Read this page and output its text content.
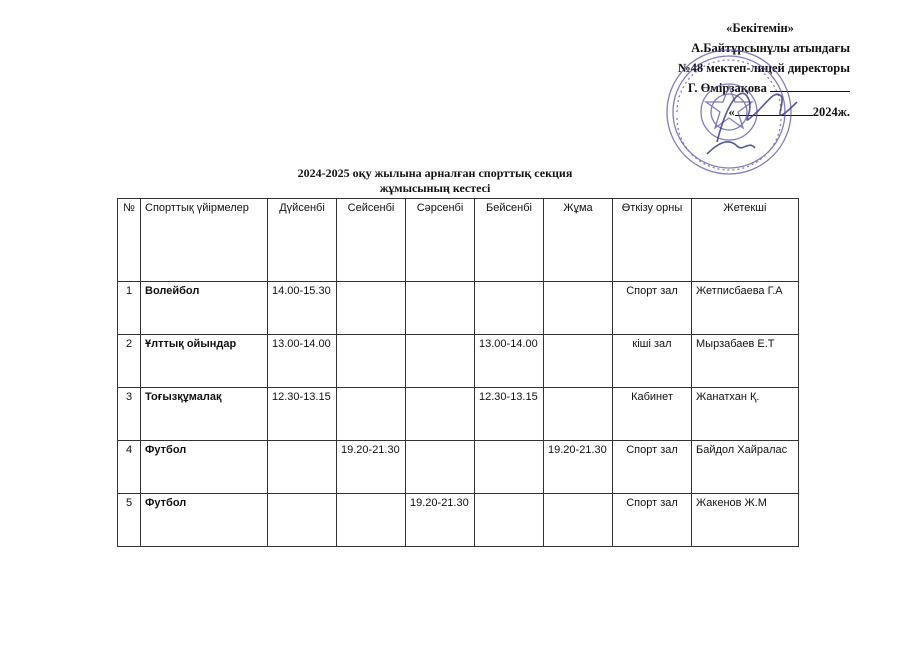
«Бекітемін»
А.Байтұрсынұлы атындағы
№48 мектеп-лицей директоры
Г. Өмірзақова
«	2024ж.
2024-2025 оқу жылына арналған спорттық секция
жұмысының кестесі
№	Спорттық үйірмелер	Дүйсенбі	Сейсенбі	Сәрсенбі	Бейсенбі	Жұма	Өткізу орны	Жетекші
1	Волейбол	14.00-15.30					Спорт зал	Жетписбаева Г.А
2	Ұлттық ойындар	13.00-14.00			13.00-14.00		кіші зал	Мырзабаев Е.Т
3	Тоғызқұмалақ	12.30-13.15			12.30-13.15		Кабинет	Жанатхан Қ.
4	Футбол		19.20-21.30			19.20-21.30	Спорт зал	Байдол Хайралас
5	Футбол			19.20-21.30			Спорт зал	Жакенов Ж.М
